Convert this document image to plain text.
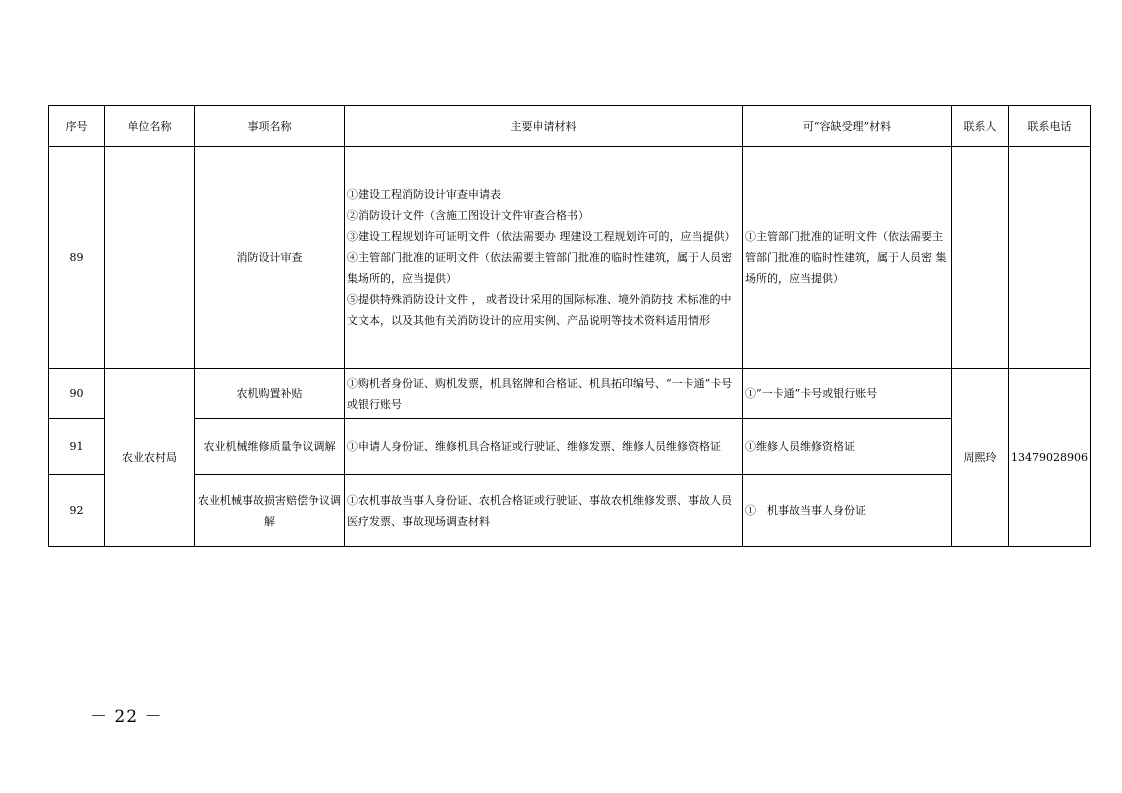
序号	单位名称	事项名称	主要申请材料	可“容缺受理”材料	联系人	联系电话
89		消防设计审查	①建设工程消防设计审查申请表
②消防设计文件（含施工图设计文件审查合格书）
③建设工程规划许可证明文件（依法需要办 理建设工程规划许可的，应当提供）
④主管部门批准的证明文件（依法需要主管部门批准的临时性建筑，属于人员密集场所的，应当提供）
⑤提供特殊消防设计文件 ， 或者设计采用的国际标准、境外消防技 术标准的中文文本，以及其他有关消防设计的应用实例、产品说明等技术资料适用情形	①主管部门批准的证明文件（依法需要主 管部门批准的临时性建筑，属于人员密 集场所的，应当提供）		
90	农业农村局	农机购置补贴	①购机者身份证、购机发票，机具铭牌和合格证、机具拓印编号、“一卡通”卡号或银行账号	①”一卡通”卡号或银行账号	周熙玲	13479028906
91		农业机械维修质量争议调解	①申请人身份证、维修机具合格证或行驶证、维修发票、维修人员维修资格证	①维修人员维修资格证		
92		农业机械事故损害赔偿争议调解	①农机事故当事人身份证、农机合格证或行驶证、事故农机维修发票、事故人员医疗发票、事故现场调查材料	①　机事故当事人身份证		
－ 22 －
